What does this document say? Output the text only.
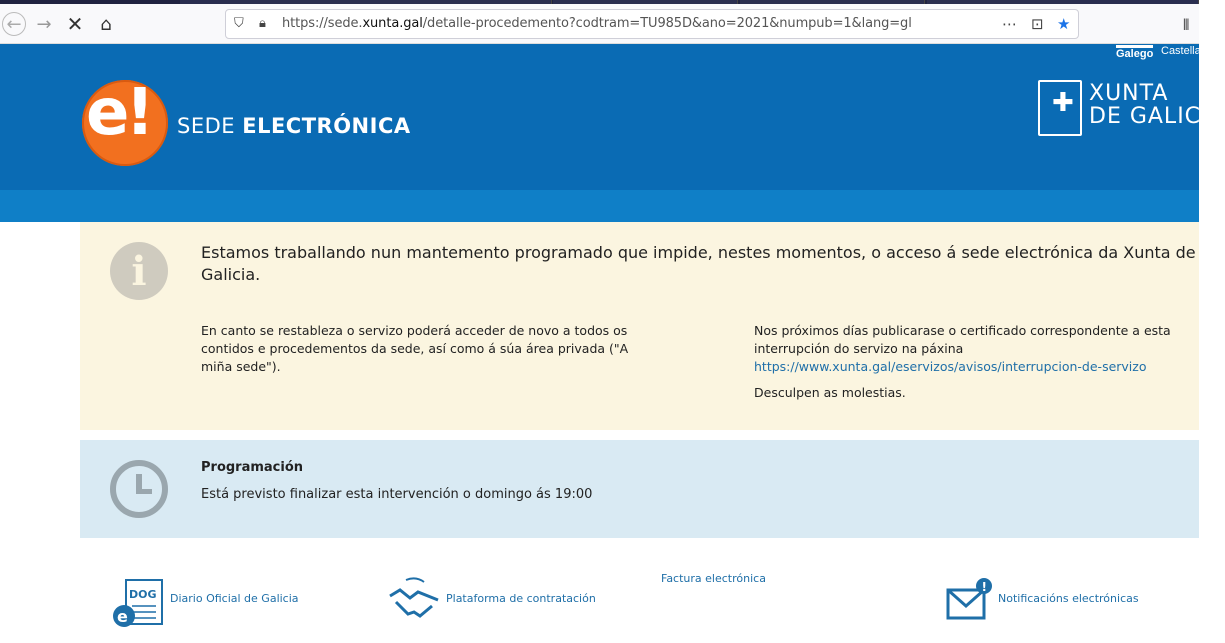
← → ✕ ⌂	⛉ 🔒︎ https://sede.xunta.gal/detalle-procedemento?codtram=TU985D&ano=2021&numpub=1&lang=gl	⋯ ⊡ ★	⫴
e! SEDE ELECTRÓNICA
Galego Castellano
✚ XUNTA
DE GALICIA
i	Estamos traballando nun mantemento programado que impide, nestes momentos, o acceso á sede electrónica da Xunta de Galicia.
En canto se restableza o servizo poderá acceder de novo a todos os contidos e procedementos da sede, así como á súa área privada ("A miña sede").
Nos próximos días publicarase o certificado correspondente a esta interrupción do servizo na páxina https://www.xunta.gal/eservizos/avisos/interrupcion-de-servizo
Desculpen as molestias.
Programación
Está previsto finalizar esta intervención o domingo ás 19:00
DOG
e
Diario Oficial de Galicia	Plataforma de contratación
Factura electrónica
!
Notificacións electrónicas
